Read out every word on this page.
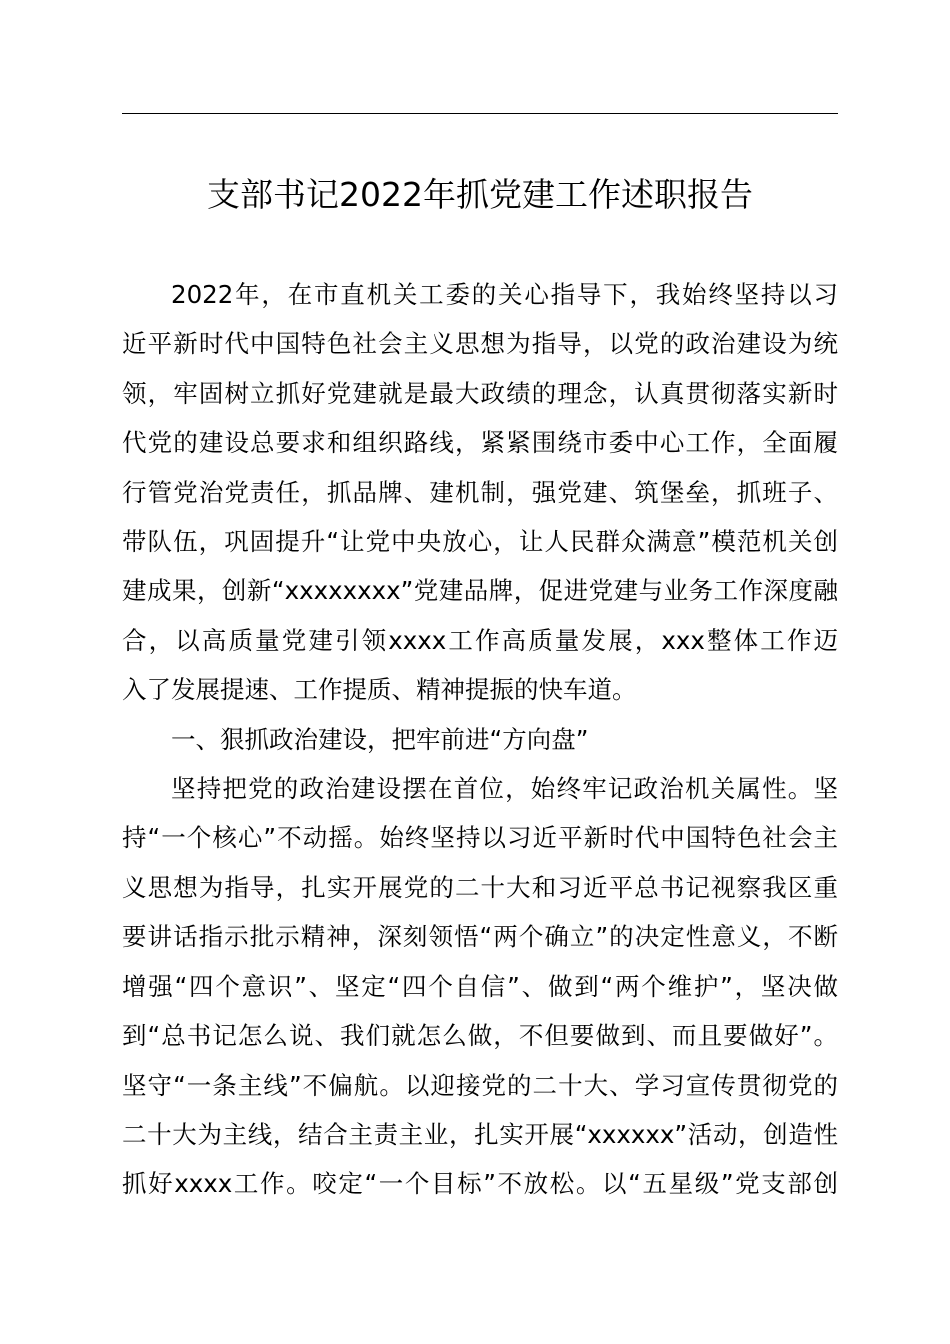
支部书记2022年抓党建工作述职报告
2022年，在市直机关工委的关心指导下，我始终坚持以习
近平新时代中国特色社会主义思想为指导，以党的政治建设为统
领，牢固树立抓好党建就是最大政绩的理念，认真贯彻落实新时
代党的建设总要求和组织路线，紧紧围绕市委中心工作，全面履
行管党治党责任，抓品牌、建机制，强党建、筑堡垒，抓班子、
带队伍，巩固提升“让党中央放心，让人民群众满意”模范机关创
建成果，创新“xxxxxxxx”党建品牌，促进党建与业务工作深度融
合，以高质量党建引领xxxx工作高质量发展，xxx整体工作迈
入了发展提速、工作提质、精神提振的快车道。
一、狠抓政治建设，把牢前进“方向盘”
坚持把党的政治建设摆在首位，始终牢记政治机关属性。坚
持“一个核心”不动摇。始终坚持以习近平新时代中国特色社会主
义思想为指导，扎实开展党的二十大和习近平总书记视察我区重
要讲话指示批示精神，深刻领悟“两个确立”的决定性意义，不断
增强“四个意识”、坚定“四个自信”、做到“两个维护”，坚决做
到“总书记怎么说、我们就怎么做，不但要做到、而且要做好”。
坚守“一条主线”不偏航。以迎接党的二十大、学习宣传贯彻党的
二十大为主线，结合主责主业，扎实开展“xxxxxx”活动，创造性
抓好xxxx工作。咬定“一个目标”不放松。以“五星级”党支部创
